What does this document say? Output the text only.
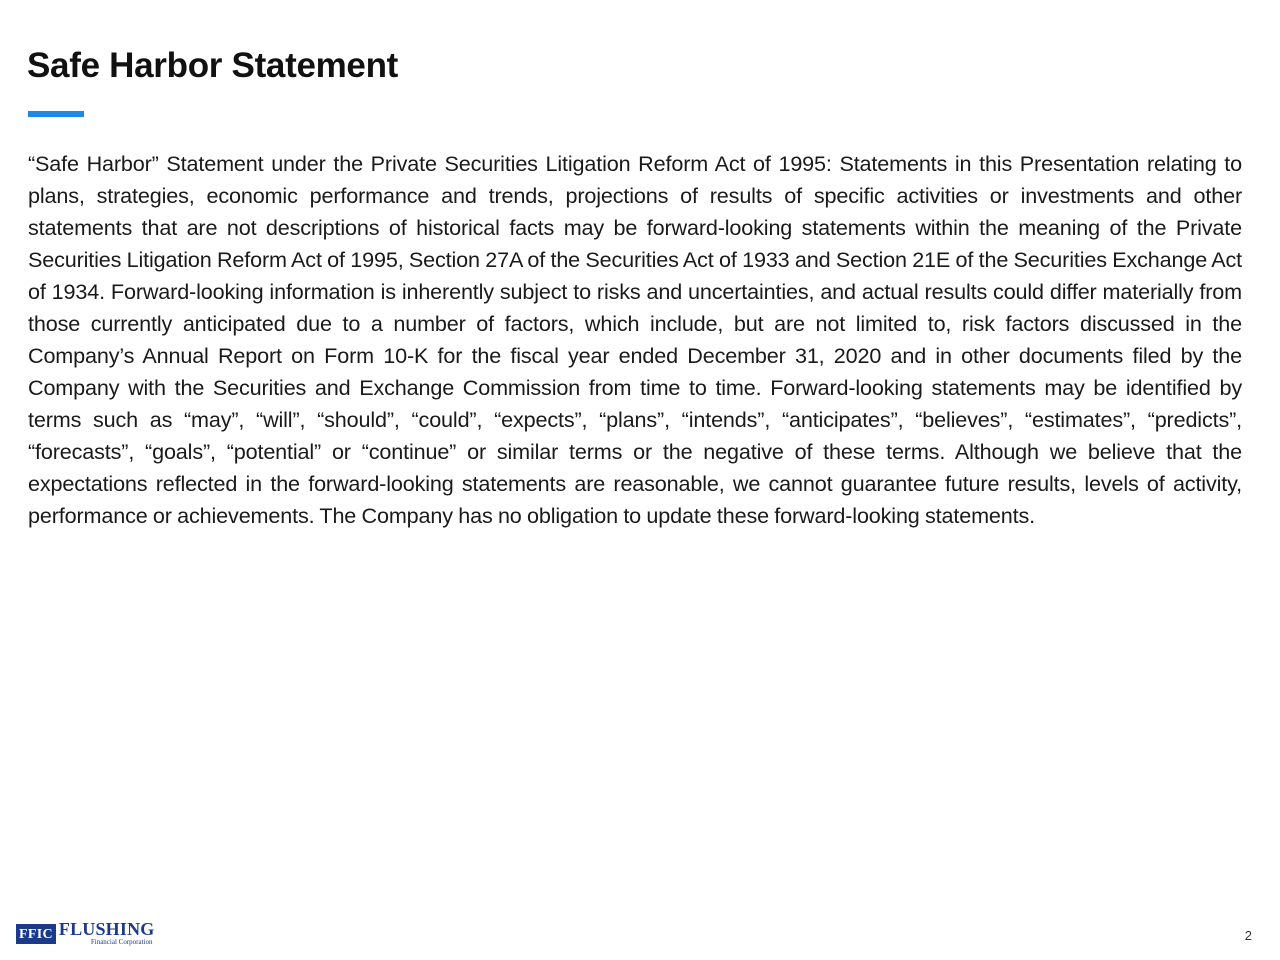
Safe Harbor Statement

“Safe Harbor” Statement under the Private Securities Litigation Reform Act of 1995: Statements in this Presentation relating to plans, strategies, economic performance and trends, projections of results of specific activities or investments and other statements that are not descriptions of historical facts may be forward-looking statements within the meaning of the Private Securities Litigation Reform Act of 1995, Section 27A of the Securities Act of 1933 and Section 21E of the Securities Exchange Act of 1934. Forward-looking information is inherently subject to risks and uncertainties, and actual results could differ materially from those currently anticipated due to a number of factors, which include, but are not limited to, risk factors discussed in the Company’s Annual Report on Form 10-K for the fiscal year ended December 31, 2020 and in other documents filed by the Company with the Securities and Exchange Commission from time to time. Forward-looking statements may be identified by terms such as “may”, “will”, “should”, “could”, “expects”, “plans”, “intends”, “anticipates”, “believes”, “estimates”, “predicts”, “forecasts”, “goals”, “potential” or “continue” or similar terms or the negative of these terms. Although we believe that the expectations reflected in the forward-looking statements are reasonable, we cannot guarantee future results, levels of activity, performance or achievements. The Company has no obligation to update these forward-looking statements.

FFIC FLUSHING
Financial Corporation	2
